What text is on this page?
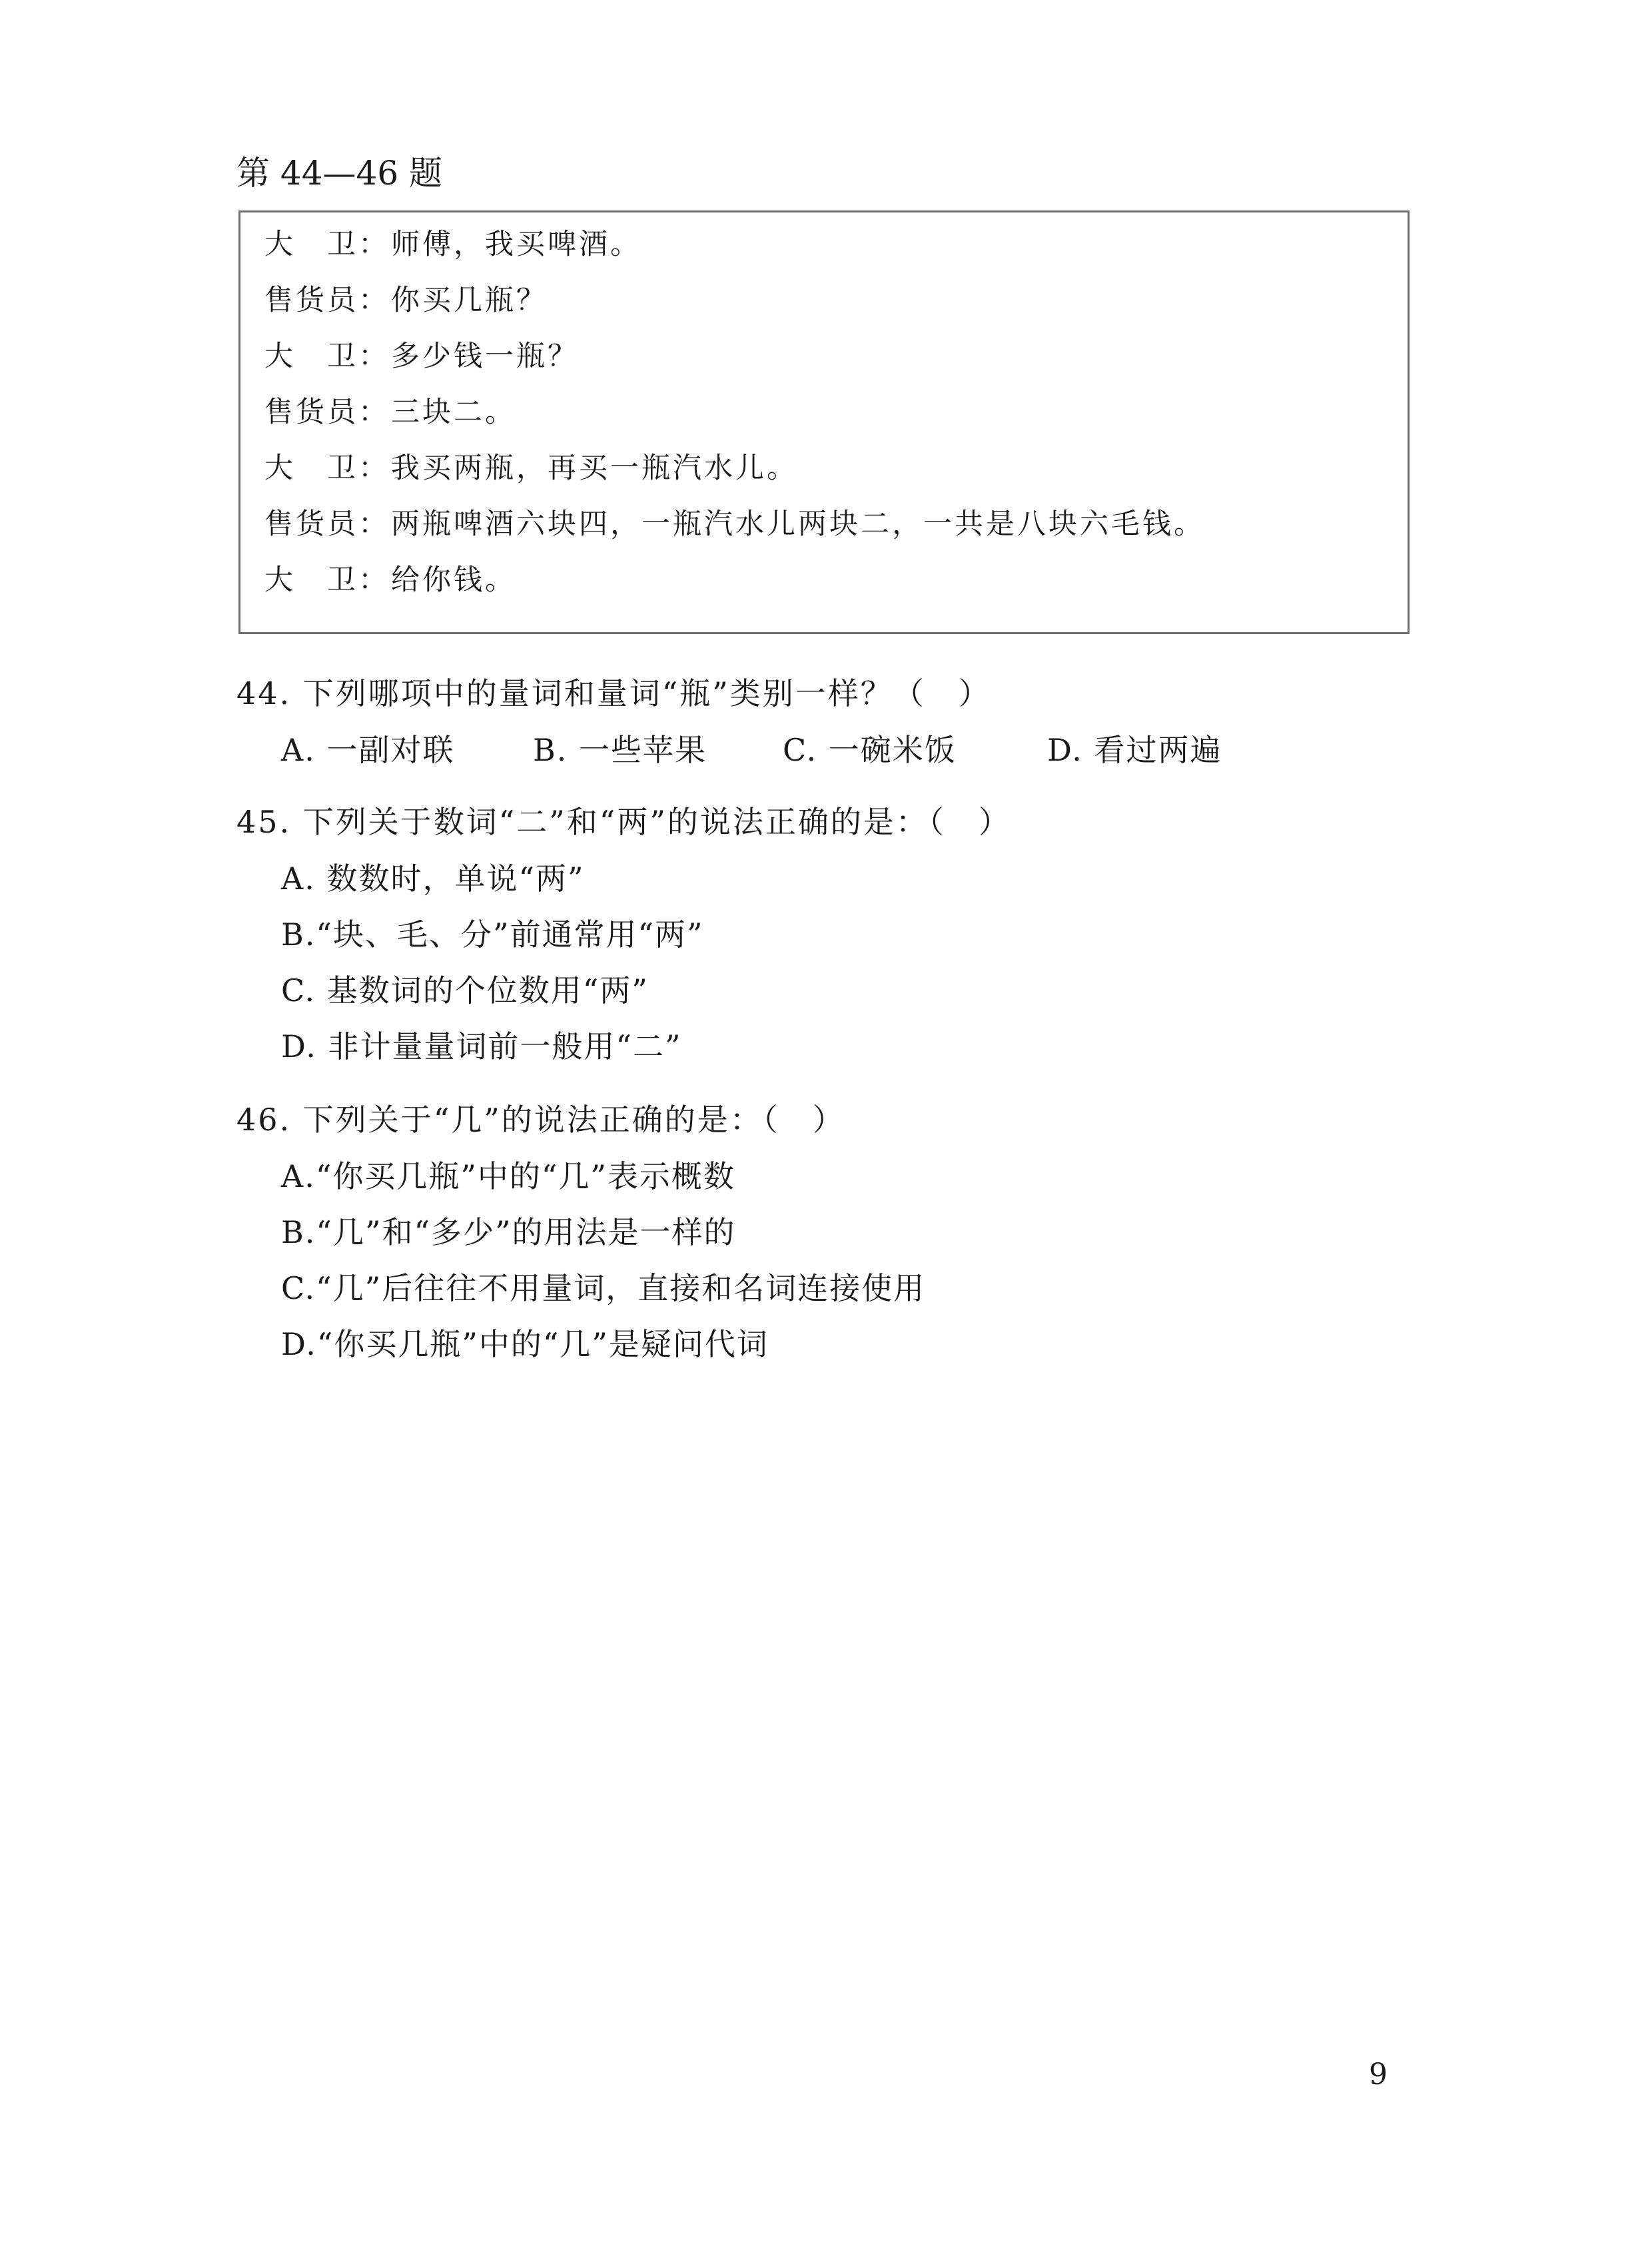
第 44—46 题
大　卫：师傅，我买啤酒。
售货员：你买几瓶？
大　卫：多少钱一瓶？
售货员：三块二。
大　卫：我买两瓶，再买一瓶汽水儿。
售货员：两瓶啤酒六块四，一瓶汽水儿两块二，一共是八块六毛钱。
大　卫：给你钱。
44. 下列哪项中的量词和量词“瓶”类别一样？（　）
A. 一副对联	B. 一些苹果 C. 一碗米饭	D. 看过两遍
45. 下列关于数词“二”和“两”的说法正确的是：（　）
A. 数数时，单说“两”
B.“块、毛、分”前通常用“两”
C. 基数词的个位数用“两”
D. 非计量量词前一般用“二”
46. 下列关于“几”的说法正确的是：（　）
A.“你买几瓶”中的“几”表示概数
B.“几”和“多少”的用法是一样的
C.“几”后往往不用量词，直接和名词连接使用
D.“你买几瓶”中的“几”是疑问代词
9
